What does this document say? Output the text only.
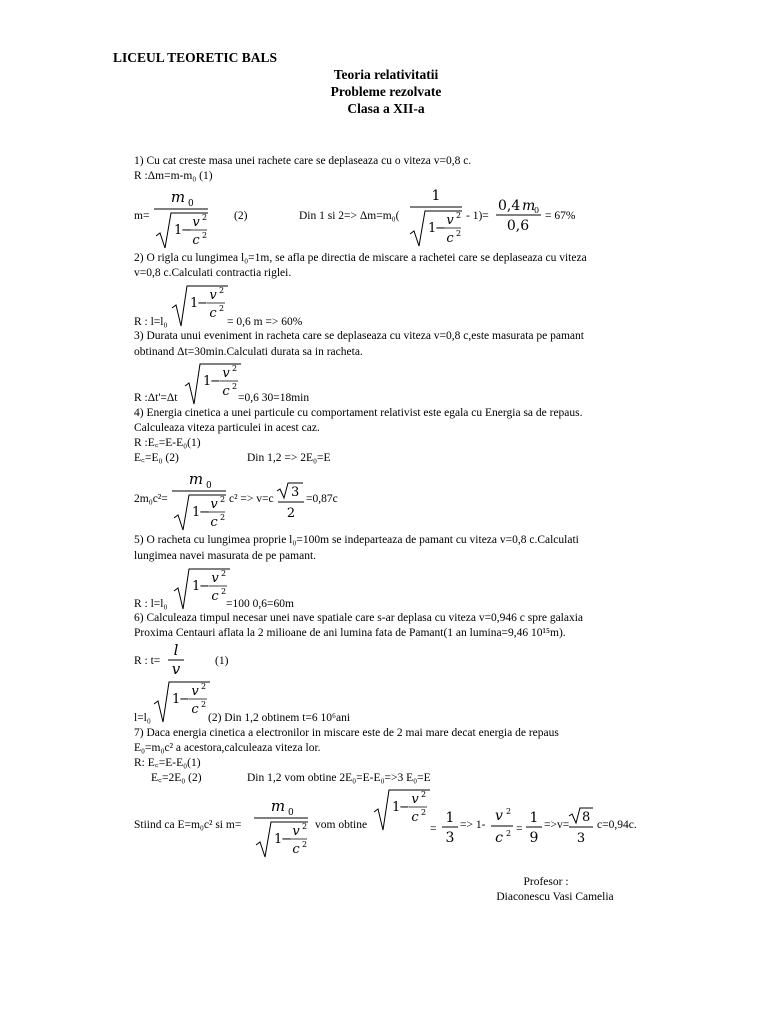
LICEUL TEORETIC BALS
Teoria relativitatii
Probleme rezolvate
Clasa a XII-a
1) Cu cat creste masa unei rachete care se deplaseaza cu o viteza v=0,8 c.
R :Δm=m-m₀ (1)
m=
m 0
1
−
v 2
c 2
(2)	Din 1 si 2=> Δm=m₀(
1
1
−
v 2
c 2
- 1)=
0,4 m
0
0,6
= 67%
2) O rigla cu lungimea l₀=1m, se afla pe directia de miscare a rachetei care se deplaseaza cu viteza
v=0,8 c.Calculati contractia riglei.
R : l=l₀
1
−
v 2
c 2
= 0,6 m => 60%
3) Durata unui eveniment in racheta care se deplaseaza cu viteza v=0,8 c,este masurata pe pamant
obtinand Δt=30min.Calculati durata sa in racheta.
R :Δt'=Δt
1
−
v 2
c 2
=0,6 30=18min
4) Energia cinetica a unei particule cu comportament relativist este egala cu Energia sa de repaus.
Calculeaza viteza particulei in acest caz.
R :E꜀=E-E₀(1)
E꜀=E₀ (2)	Din 1,2 => 2E₀=E
2m₀c²=
m 0
1
−
v 2
c 2
c² => v=c 3
2
=0,87c
5) O racheta cu lungimea proprie l₀=100m se indeparteaza de pamant cu viteza v=0,8 c.Calculati
lungimea navei masurata de pe pamant.
R : l=l₀
1
−
v 2
c 2
=100 0,6=60m
6) Calculeaza timpul necesar unei nave spatiale care s-ar deplasa cu viteza v=0,946 c spre galaxia
Proxima Centauri aflata la 2 milioane de ani lumina fata de Pamant(1 an lumina=9,46 10¹⁵m).
R : t=
l
v	(1)
1
−
v 2
c 2
l=l₀	(2) Din 1,2 obtinem t=6 10⁶ani
7) Daca energia cinetica a electronilor in miscare este de 2 mai mare decat energia de repaus
E₀=m₀c² a acestora,calculeaza viteza lor.
R: E꜀=E-E₀(1)
E꜀=2E₀ (2)	Din 1,2 vom obtine 2E₀=E-E₀=>3 E₀=E
Stiind ca E=m₀c² si m=
m 0
1
−
v 2
c 2
vom obtine
1
−
v 2
c 2
=
1
3
=> 1-
v 2
c 2 =
1
9
=>v= 8
3
c=0,94c.
Profesor :
Diaconescu Vasi Camelia
